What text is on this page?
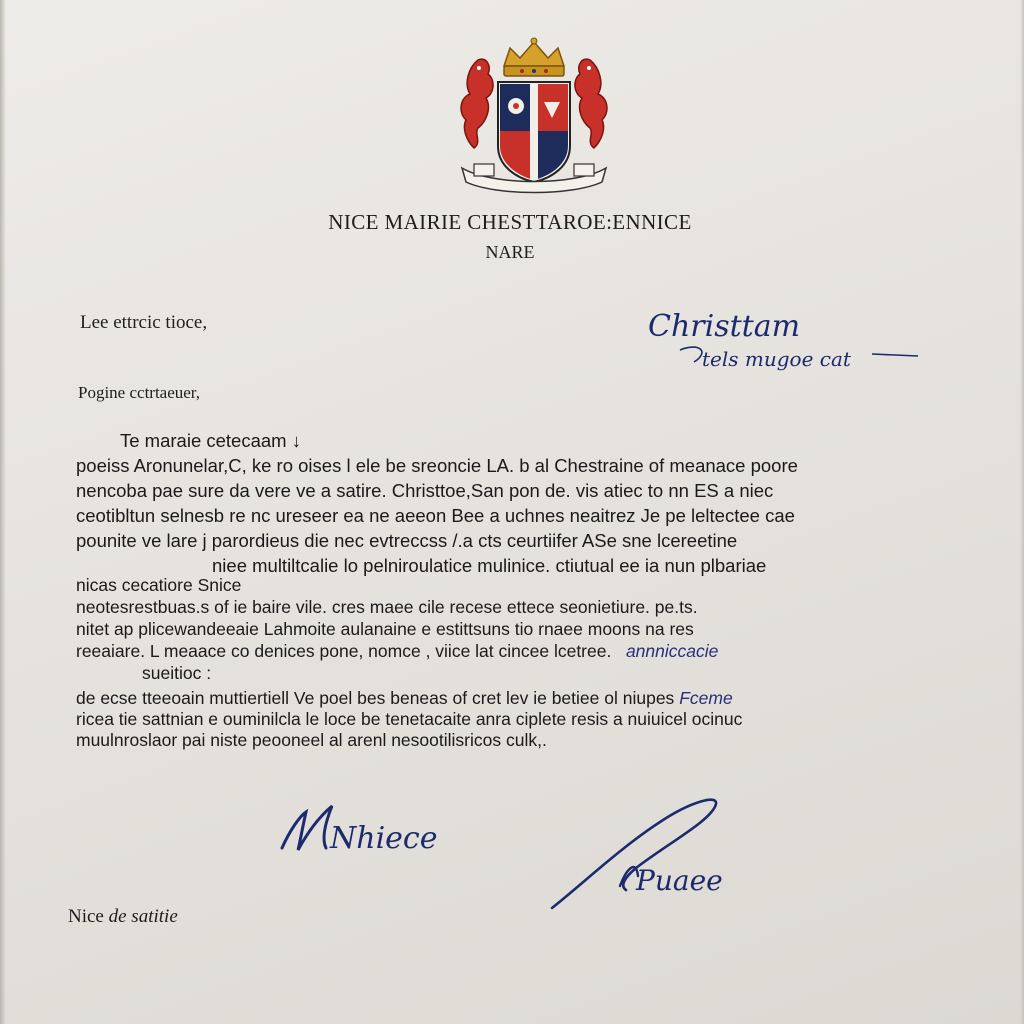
NICE MAIRIE CHESTTAROE:ENNICE
NARE
Lee ettrcic tioce,
Pogine cctrtaeuer,
Christtam
tels mugoe cat
Te maraie cetecaam ↓
poeiss Aronunelar,C, ke ro oises l ele be sreoncie LA. b al Chestraine of meanace poore
nencoba pae sure da vere ve a satire. Christtoe,San pon de. vis atiec to nn ES a niec
ceotibltun selnesb re nc ureseer ea ne aeeon Bee a uchnes neaitrez Je pe leltectee cae
pounite ve lare j parordieus die nec evtreccss /.a cts ceurtiifer ASe sne lcereetine
niee multiltcalie lo pelniroulatice mulinice. ctiutual ee ia nun plbariae
nicas cecatiore Snice
neotesrestbuas.s of ie baire vile. cres maee cile recese ettece seonietiure. pe.ts.
nitet ap plicewandeeaie Lahmoite aulanaine e estittsuns tio rnaee moons na res
reeaiare. L meaace co denices pone, nomce , viice lat cincee lcetree. annniccacie
sueitioc :
de ecse tteeoain muttiertiell Ve poel bes beneas of cret lev ie betiee ol niupes Fceme
ricea tie sattnian e ouminilcla le loce be tenetacaite anra ciplete resis a nuiuicel ocinuc
muulnroslaor pai niste peooneel al arenl nesootilisricos culk,.
Nhiece
Puaee
Nice de satitie
